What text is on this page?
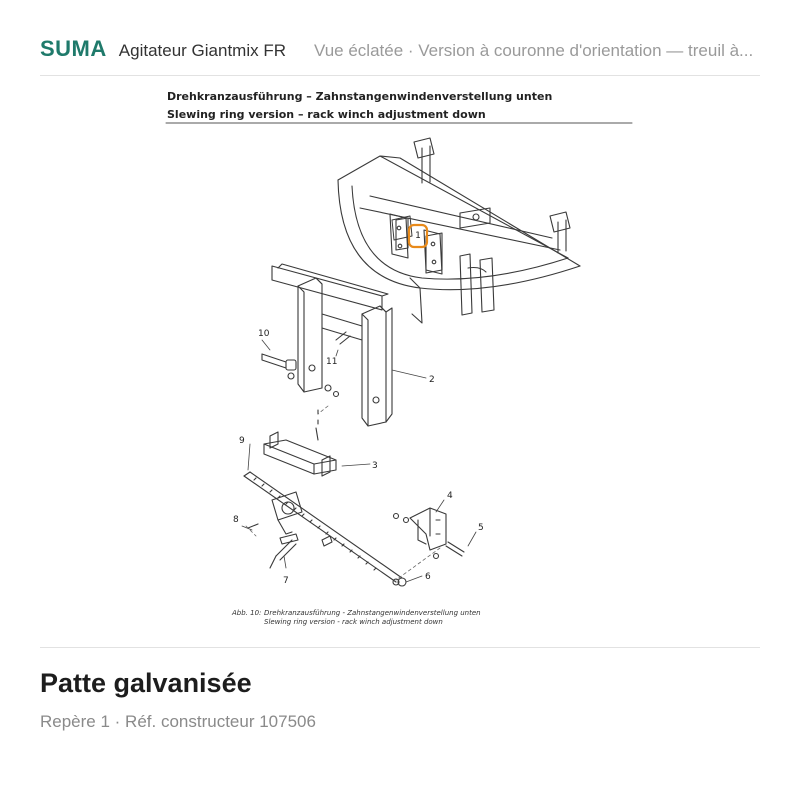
SUMA Agitateur Giantmix FR Vue éclatée · Version à couronne d'orientation — treuil à...
Drehkranzausführung – Zahnstangenwindenverstellung unten
Slewing ring version – rack winch adjustment down
1
2
3
4
5
6
7
8
9
10
11
Abb. 10: Drehkranzausführung - Zahnstangenwindenverstellung unten
Slewing ring version - rack winch adjustment down
Patte galvanisée
Repère 1 · Réf. constructeur 107506
